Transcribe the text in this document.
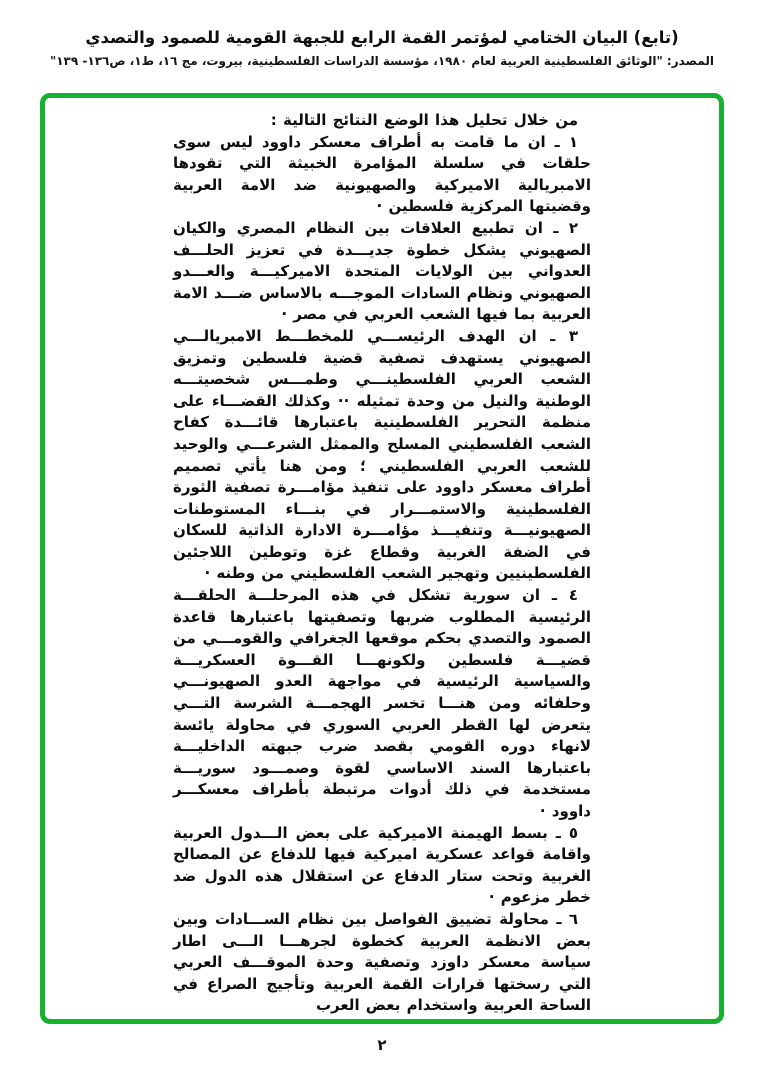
(تابع) البيان الختامي لمؤتمر القمة الرابع للجبهة القومية للصمود والتصدي
المصدر: "الوثائق الفلسطينية العربية لعام ١٩٨٠، مؤسسة الدراسات الفلسطينية، بيروت، مج ١٦، ط١، ص١٣٦- ١٣٩"

من خلال تحليل هذا الوضع النتائج التالية :

١ ـ ان ما قامت به أطراف معسكر داوود ليس سوى حلقات في سلسلة المؤامرة الخبيثة التي تقودها الامبريالية الاميركية والصهيونية ضد الامة العربية وقضيتها المركزية فلسطين ·

٢ ـ ان تطبيع العلاقات بين النظام المصري والكيان الصهيوني يشكل خطوة جديـــدة في تعزيز الحلـــف العدواني بين الولايات المتحدة الاميركيـــة والعـــدو الصهيوني ونظام السادات الموجـــه بالاساس ضـــد الامة العربية بما فيها الشعب العربي في مصر ·

٣ ـ ان الهدف الرئيســـي للمخطـــط الامبريالـــي الصهيوني يستهدف تصفية قضية فلسطين وتمزيق الشعب العربي الفلسطينـــي وطمـــس شخصيتـــه الوطنية والنيل من وحدة تمثيله ·· وكذلك القضـــاء على منظمة التحرير الفلسطينية باعتبارها قائـــدة كفاح الشعب الفلسطيني المسلح والممثل الشرعـــي والوحيد للشعب العربي الفلسطيني ؛ ومن هنا يأتي تصميم أطراف معسكر داوود على تنفيذ مؤامـــرة تصفية الثورة الفلسطينية والاستمـــرار في بنـــاء المستوطنات الصهيونيـــة وتنفيـــذ مؤامـــرة الادارة الذاتية للسكان في الضفة الغربية وقطاع غزة وتوطين اللاجئين الفلسطينيين وتهجير الشعب الفلسطيني من وطنه ·

٤ ـ ان سورية تشكل في هذه المرحلـــة الحلقـــة الرئيسية المطلوب ضربها وتصفيتها باعتبارها قاعدة الصمود والتصدي بحكم موقعها الجغرافي والقومـــي من قضيـــة فلسطين ولكونهـــا القـــوة العسكريـــة والسياسية الرئيسية في مواجهة العدو الصهيونـــي وحلفائه ومن هنـــا تخسر الهجمـــة الشرسة التـــي يتعرض لها القطر العربي السوري في محاولة يائسة لانهاء دوره القومي بقصد ضرب جبهته الداخليـــة باعتبارها السند الاساسي لقوة وصمـــود سوريـــة مستخدمة في ذلك أدوات مرتبطة بأطراف معسكـــر داوود ·

٥ ـ بسط الهيمنة الاميركية على بعض الـــدول العربية واقامة قواعد عسكرية اميركية فيها للدفاع عن المصالح الغربية وتحت ستار الدفاع عن استقلال هذه الدول ضد خطر مزعوم ·

٦ ـ محاولة تضييق الفواصل بين نظام الســـادات وبين بعض الانظمة العربية كخطوة لجرهـــا الـــى اطار سياسة معسكر داوزد وتصفية وحدة الموقـــف العربي التي رسختها قرارات القمة العربية وتأجيج الصراع في الساحة العربية واستخدام بعض العرب

٢
